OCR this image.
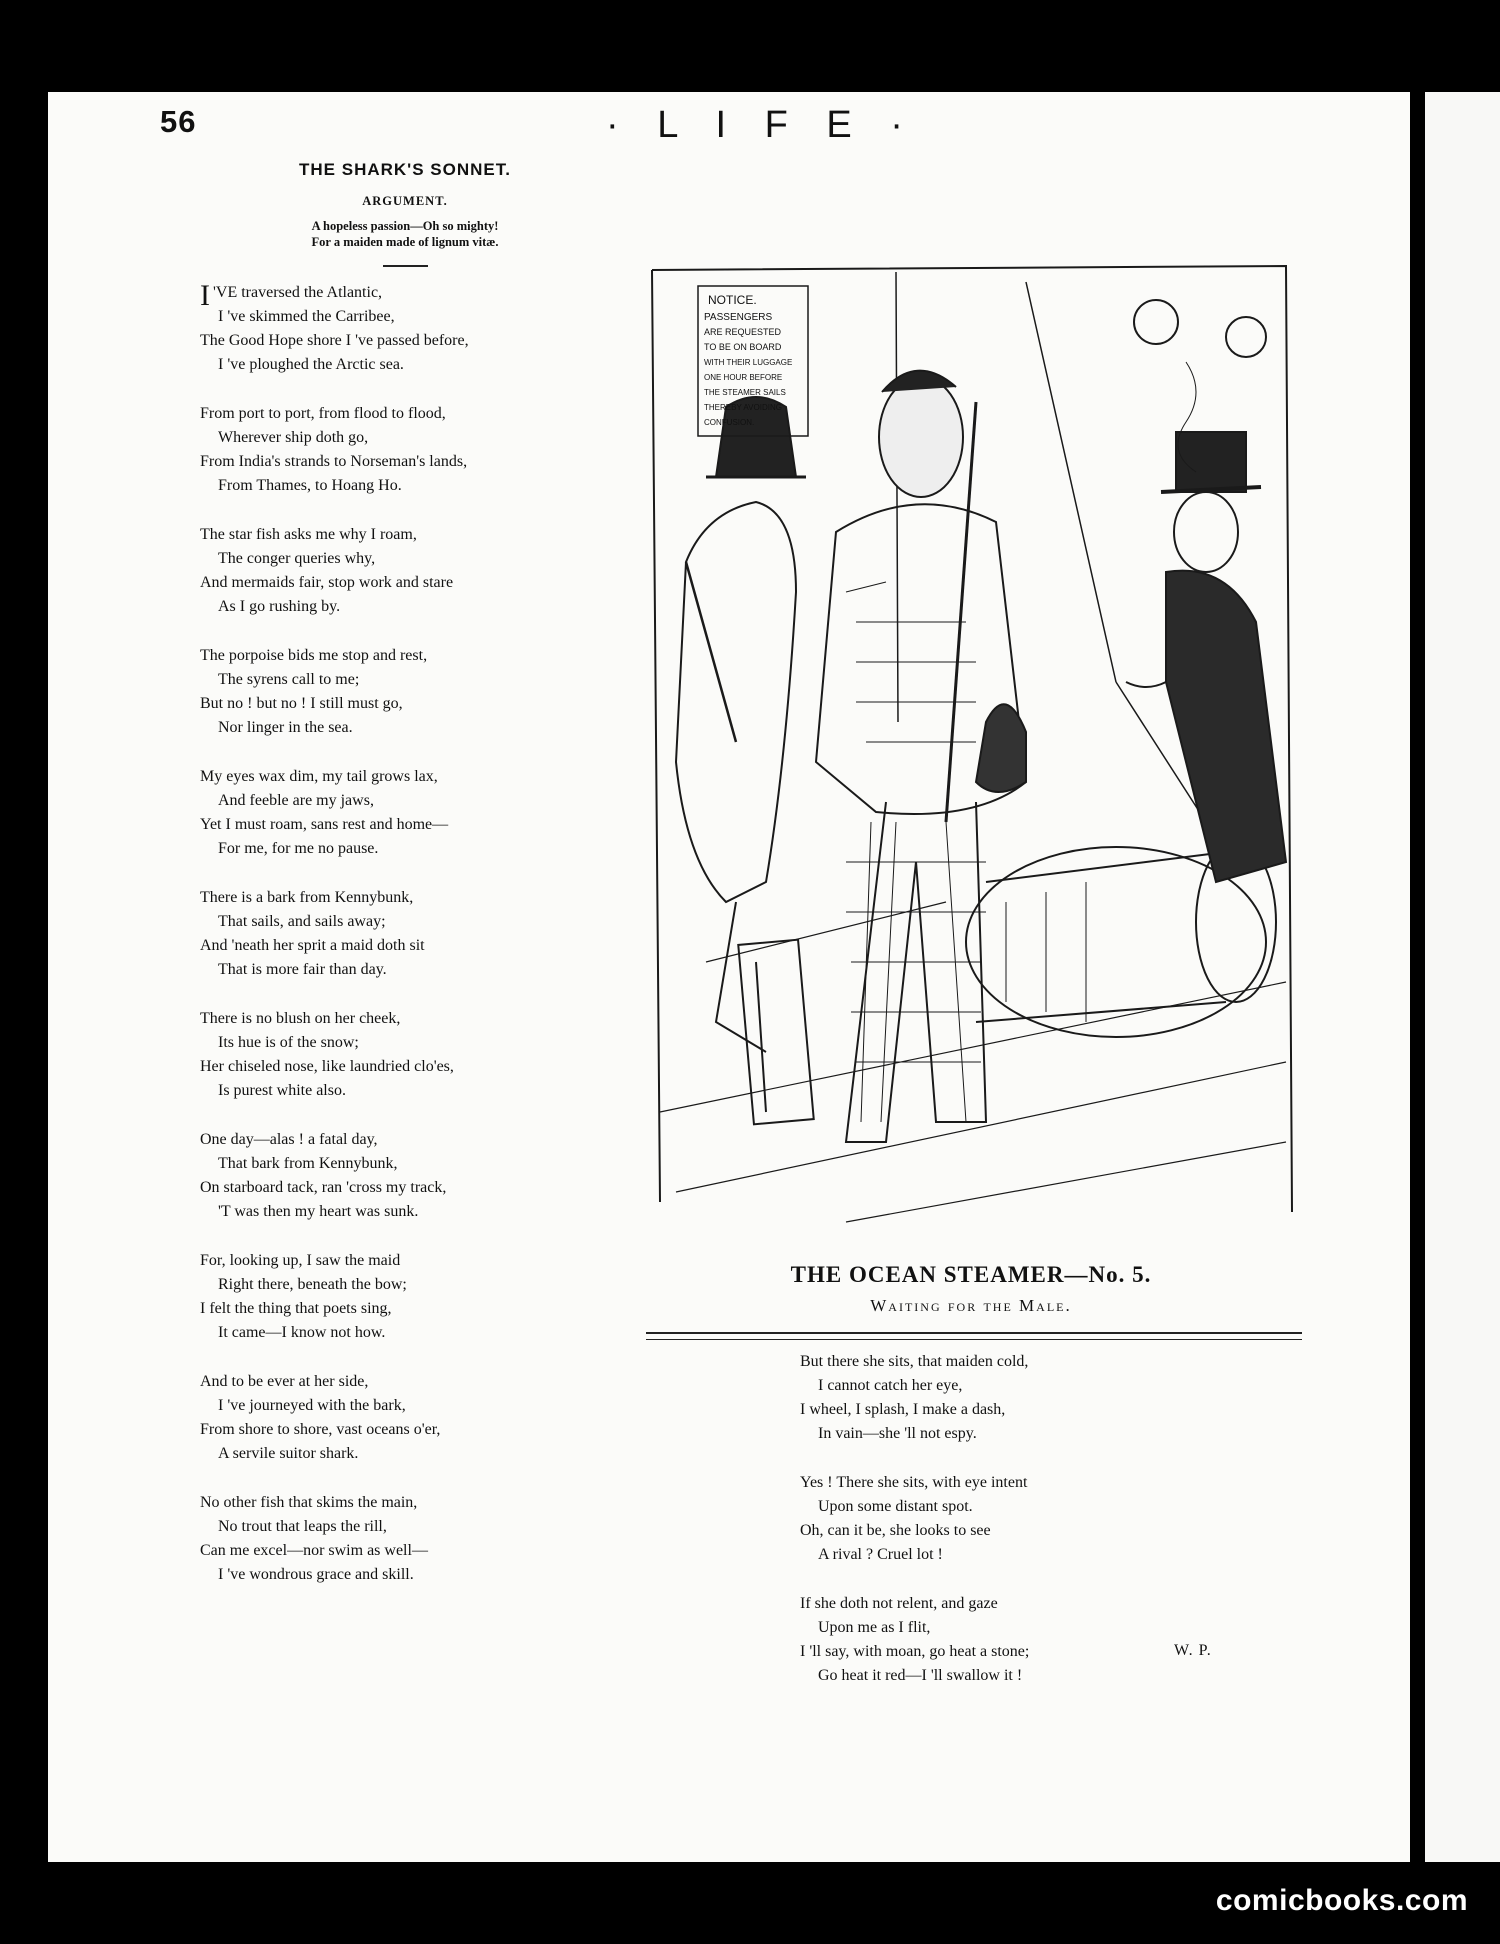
56	· L I F E ·
THE SHARK'S SONNET.
ARGUMENT.
A hopeless passion—Oh so mighty!
For a maiden made of lignum vitæ.
I 'VE traversed the Atlantic,
I 've skimmed the Carribee,
The Good Hope shore I 've passed before,
I 've ploughed the Arctic sea.
From port to port, from flood to flood,
Wherever ship doth go,
From India's strands to Norseman's lands,
From Thames, to Hoang Ho.
The star fish asks me why I roam,
The conger queries why,
And mermaids fair, stop work and stare
As I go rushing by.
The porpoise bids me stop and rest,
The syrens call to me;
But no ! but no ! I still must go,
Nor linger in the sea.
My eyes wax dim, my tail grows lax,
And feeble are my jaws,
Yet I must roam, sans rest and home—
For me, for me no pause.
There is a bark from Kennybunk,
That sails, and sails away;
And 'neath her sprit a maid doth sit
That is more fair than day.
There is no blush on her cheek,
Its hue is of the snow;
Her chiseled nose, like laundried clo'es,
Is purest white also.
One day—alas ! a fatal day,
That bark from Kennybunk,
On starboard tack, ran 'cross my track,
'T was then my heart was sunk.
For, looking up, I saw the maid
Right there, beneath the bow;
I felt the thing that poets sing,
It came—I know not how.
And to be ever at her side,
I 've journeyed with the bark,
From shore to shore, vast oceans o'er,
A servile suitor shark.
No other fish that skims the main,
No trout that leaps the rill,
Can me excel—nor swim as well—
I 've wondrous grace and skill.
NOTICE.
PASSENGERS
ARE REQUESTED
TO BE ON BOARD
WITH THEIR LUGGAGE
ONE HOUR BEFORE
THE STEAMER SAILS
THEREBY AVOIDING
CONFUSION.
THE OCEAN STEAMER—No. 5.
Waiting for the Male.
But there she sits, that maiden cold,
I cannot catch her eye,
I wheel, I splash, I make a dash,
In vain—she 'll not espy.
Yes ! There she sits, with eye intent
Upon some distant spot.
Oh, can it be, she looks to see
A rival ? Cruel lot !
If she doth not relent, and gaze
Upon me as I flit,
I 'll say, with moan, go heat a stone;
Go heat it red—I 'll swallow it !
W. P.
comicbooks.com
